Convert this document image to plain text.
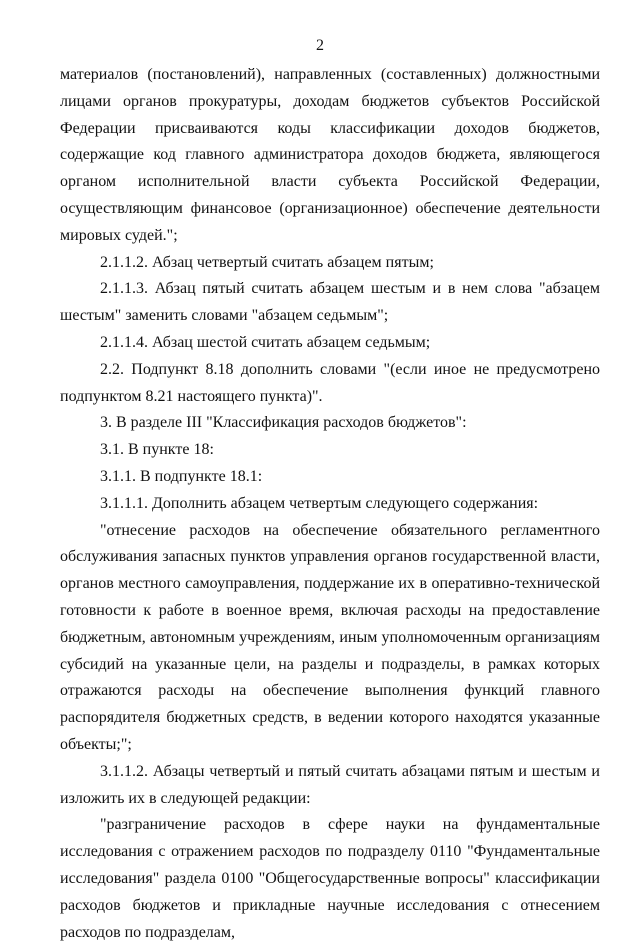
2

материалов (постановлений), направленных (составленных) должностными лицами органов прокуратуры, доходам бюджетов субъектов Российской Федерации присваиваются коды классификации доходов бюджетов, содержащие код главного администратора доходов бюджета, являющегося органом исполнительной власти субъекта Российской Федерации, осуществляющим финансовое (организационное) обеспечение деятельности мировых судей.";

2.1.1.2. Абзац четвертый считать абзацем пятым;

2.1.1.3. Абзац пятый считать абзацем шестым и в нем слова "абзацем шестым" заменить словами "абзацем седьмым";

2.1.1.4. Абзац шестой считать абзацем седьмым;

2.2. Подпункт 8.18 дополнить словами "(если иное не предусмотрено подпунктом 8.21 настоящего пункта)".

3. В разделе III "Классификация расходов бюджетов":

3.1. В пункте 18:

3.1.1. В подпункте 18.1:

3.1.1.1. Дополнить абзацем четвертым следующего содержания:

"отнесение расходов на обеспечение обязательного регламентного обслуживания запасных пунктов управления органов государственной власти, органов местного самоуправления, поддержание их в оперативно-технической готовности к работе в военное время, включая расходы на предоставление бюджетным, автономным учреждениям, иным уполномоченным организациям субсидий на указанные цели, на разделы и подразделы, в рамках которых отражаются расходы на обеспечение выполнения функций главного распорядителя бюджетных средств, в ведении которого находятся указанные объекты;";

3.1.1.2. Абзацы четвертый и пятый считать абзацами пятым и шестым и изложить их в следующей редакции:

"разграничение расходов в сфере науки на фундаментальные исследования с отражением расходов по подразделу 0110 "Фундаментальные исследования" раздела 0100 "Общегосударственные вопросы" классификации расходов бюджетов и прикладные научные исследования с отнесением расходов по подразделам,
